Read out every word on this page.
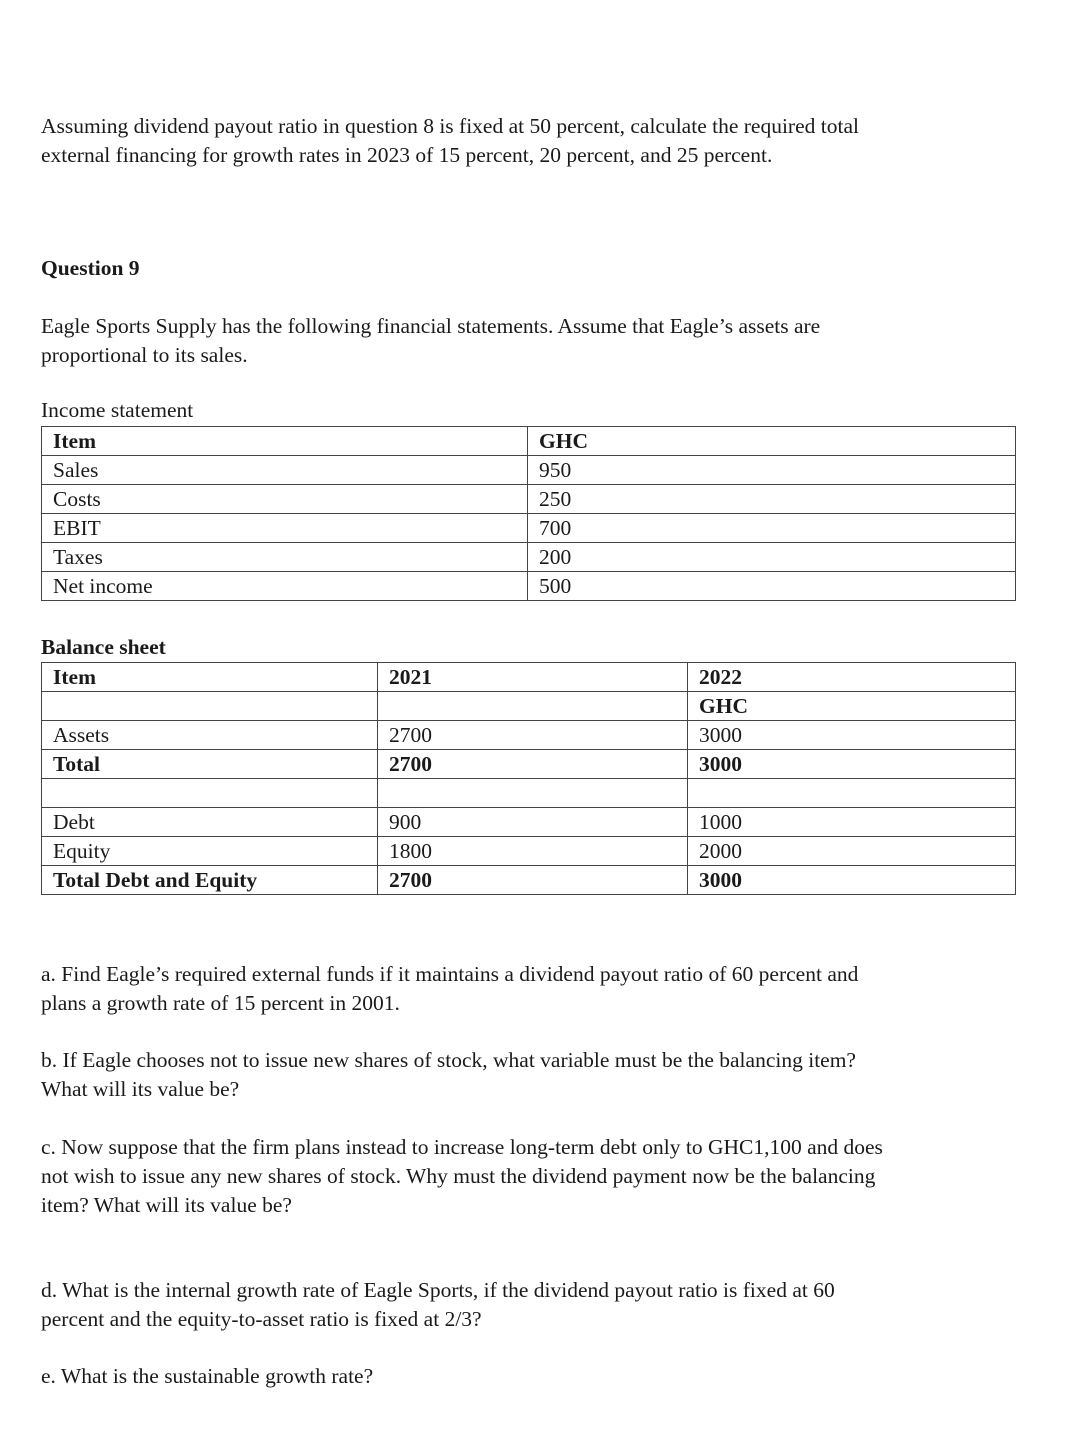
Assuming dividend payout ratio in question 8 is fixed at 50 percent, calculate the required total
external financing for growth rates in 2023 of 15 percent, 20 percent, and 25 percent.
Question 9
Eagle Sports Supply has the following financial statements. Assume that Eagle’s assets are
proportional to its sales.
Income statement
Item	GHC
Sales	950
Costs	250
EBIT	700
Taxes	200
Net income	500
Balance sheet
Item	2021	2022
		GHC
Assets	2700	3000
Total	2700	3000

Debt	900	1000
Equity	1800	2000
Total Debt and Equity	2700	3000
a. Find Eagle’s required external funds if it maintains a dividend payout ratio of 60 percent and
plans a growth rate of 15 percent in 2001.
b. If Eagle chooses not to issue new shares of stock, what variable must be the balancing item?
What will its value be?
c. Now suppose that the firm plans instead to increase long-term debt only to GHC1,100 and does
not wish to issue any new shares of stock. Why must the dividend payment now be the balancing
item? What will its value be?
d. What is the internal growth rate of Eagle Sports, if the dividend payout ratio is fixed at 60
percent and the equity-to-asset ratio is fixed at 2/3?
e. What is the sustainable growth rate?
